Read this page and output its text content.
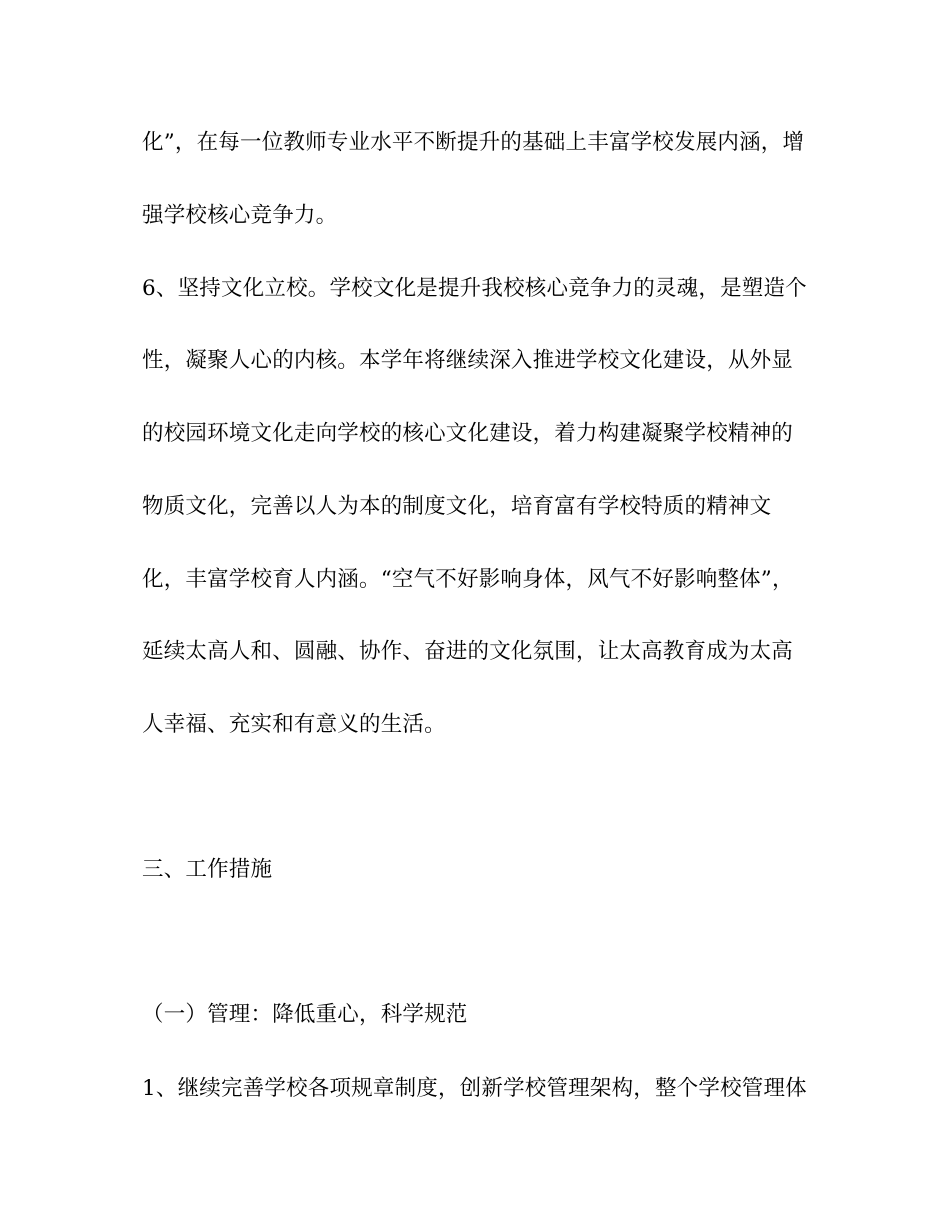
化”，在每一位教师专业水平不断提升的基础上丰富学校发展内涵，增
强学校核心竞争力。
6、坚持文化立校。学校文化是提升我校核心竞争力的灵魂，是塑造个
性，凝聚人心的内核。本学年将继续深入推进学校文化建设，从外显
的校园环境文化走向学校的核心文化建设，着力构建凝聚学校精神的
物质文化，完善以人为本的制度文化，培育富有学校特质的精神文
化，丰富学校育人内涵。“空气不好影响身体，风气不好影响整体”，
延续太高人和、圆融、协作、奋进的文化氛围，让太高教育成为太高
人幸福、充实和有意义的生活。
三、工作措施
（一）管理：降低重心，科学规范
1、继续完善学校各项规章制度，创新学校管理架构，整个学校管理体
